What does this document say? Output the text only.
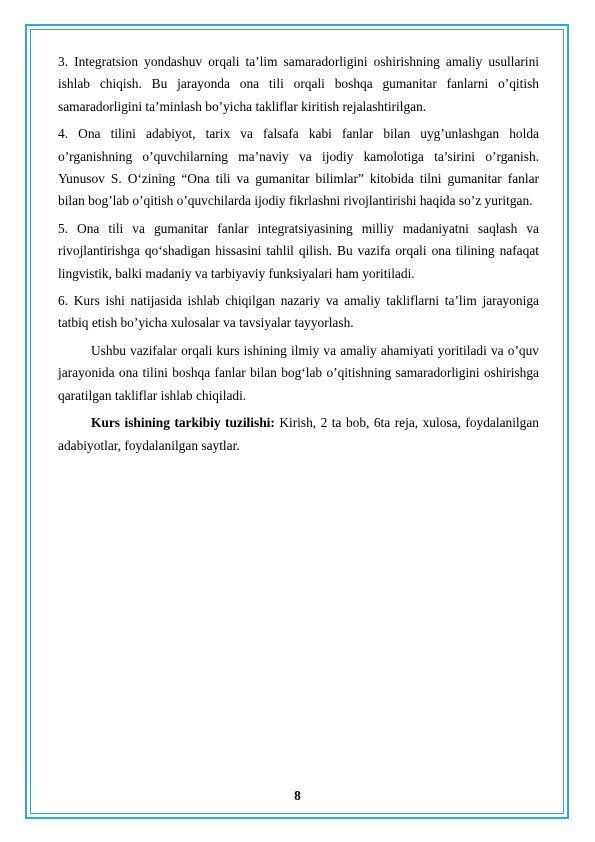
3. Integratsion yondashuv orqali ta’lim samaradorligini oshirishning amaliy usullarini ishlab chiqish. Bu jarayonda ona tili orqali boshqa gumanitar fanlarni o’qitish samaradorligini ta’minlash bo’yicha takliflar kiritish rejalashtirilgan.

4. Ona tilini adabiyot, tarix va falsafa kabi fanlar bilan uyg’unlashgan holda o’rganishning o’quvchilarning ma’naviy va ijodiy kamolotiga ta’sirini o’rganish. Yunusov S. O‘zining “Ona tili va gumanitar bilimlar” kitobida tilni gumanitar fanlar bilan bog’lab o’qitish o’quvchilarda ijodiy fikrlashni rivojlantirishi haqida so’z yuritgan.

5. Ona tili va gumanitar fanlar integratsiyasining milliy madaniyatni saqlash va rivojlantirishga qo‘shadigan hissasini tahlil qilish. Bu vazifa orqali ona tilining nafaqat lingvistik, balki madaniy va tarbiyaviy funksiyalari ham yoritiladi.

6. Kurs ishi natijasida ishlab chiqilgan nazariy va amaliy takliflarni ta’lim jarayoniga tatbiq etish bo’yicha xulosalar va tavsiyalar tayyorlash.

Ushbu vazifalar orqali kurs ishining ilmiy va amaliy ahamiyati yoritiladi va o’quv jarayonida ona tilini boshqa fanlar bilan bog‘lab o’qitishning samaradorligini oshirishga qaratilgan takliflar ishlab chiqiladi.

Kurs ishining tarkibiy tuzilishi: Kirish, 2 ta bob, 6ta reja, xulosa, foydalanilgan adabiyotlar, foydalanilgan saytlar.

8
